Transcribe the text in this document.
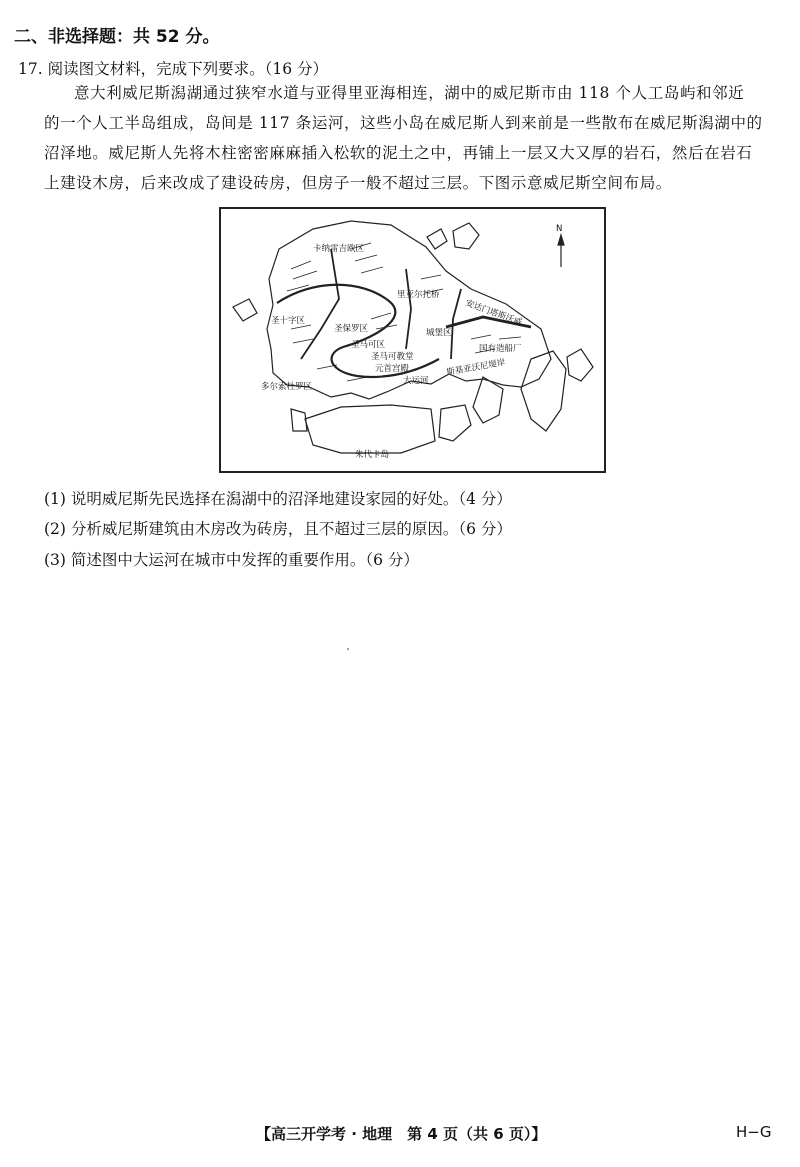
二、非选择题：共 52 分。
17. 阅读图文材料，完成下列要求。（16 分）
意大利威尼斯潟湖通过狭窄水道与亚得里亚海相连，湖中的威尼斯市由 118 个人工岛屿和邻近
的一个人工半岛组成，岛间是 117 条运河，这些小岛在威尼斯人到来前是一些散布在威尼斯潟湖中的
沼泽地。威尼斯人先将木柱密密麻麻插入松软的泥土之中，再铺上一层又大又厚的岩石，然后在岩石
上建设木房，后来改成了建设砖房，但房子一般不超过三层。下图示意威尼斯空间布局。
N
卡纳雷吉欧区
里亚尔托桥
圣十字区
圣保罗区	城堡区
圣马可区
圣马可教堂
元首宫殿
多尔索杜罗区
大运河
朱代卡岛
国有造船厂
安达门塔斯沃威
斯基亚沃尼堤岸
(1) 说明威尼斯先民选择在潟湖中的沼泽地建设家园的好处。（4 分）
(2) 分析威尼斯建筑由木房改为砖房，且不超过三层的原因。（6 分）
(3) 简述图中大运河在城市中发挥的重要作用。（6 分）
【高三开学考 · 地理　第 4 页（共 6 页）】	H−G
